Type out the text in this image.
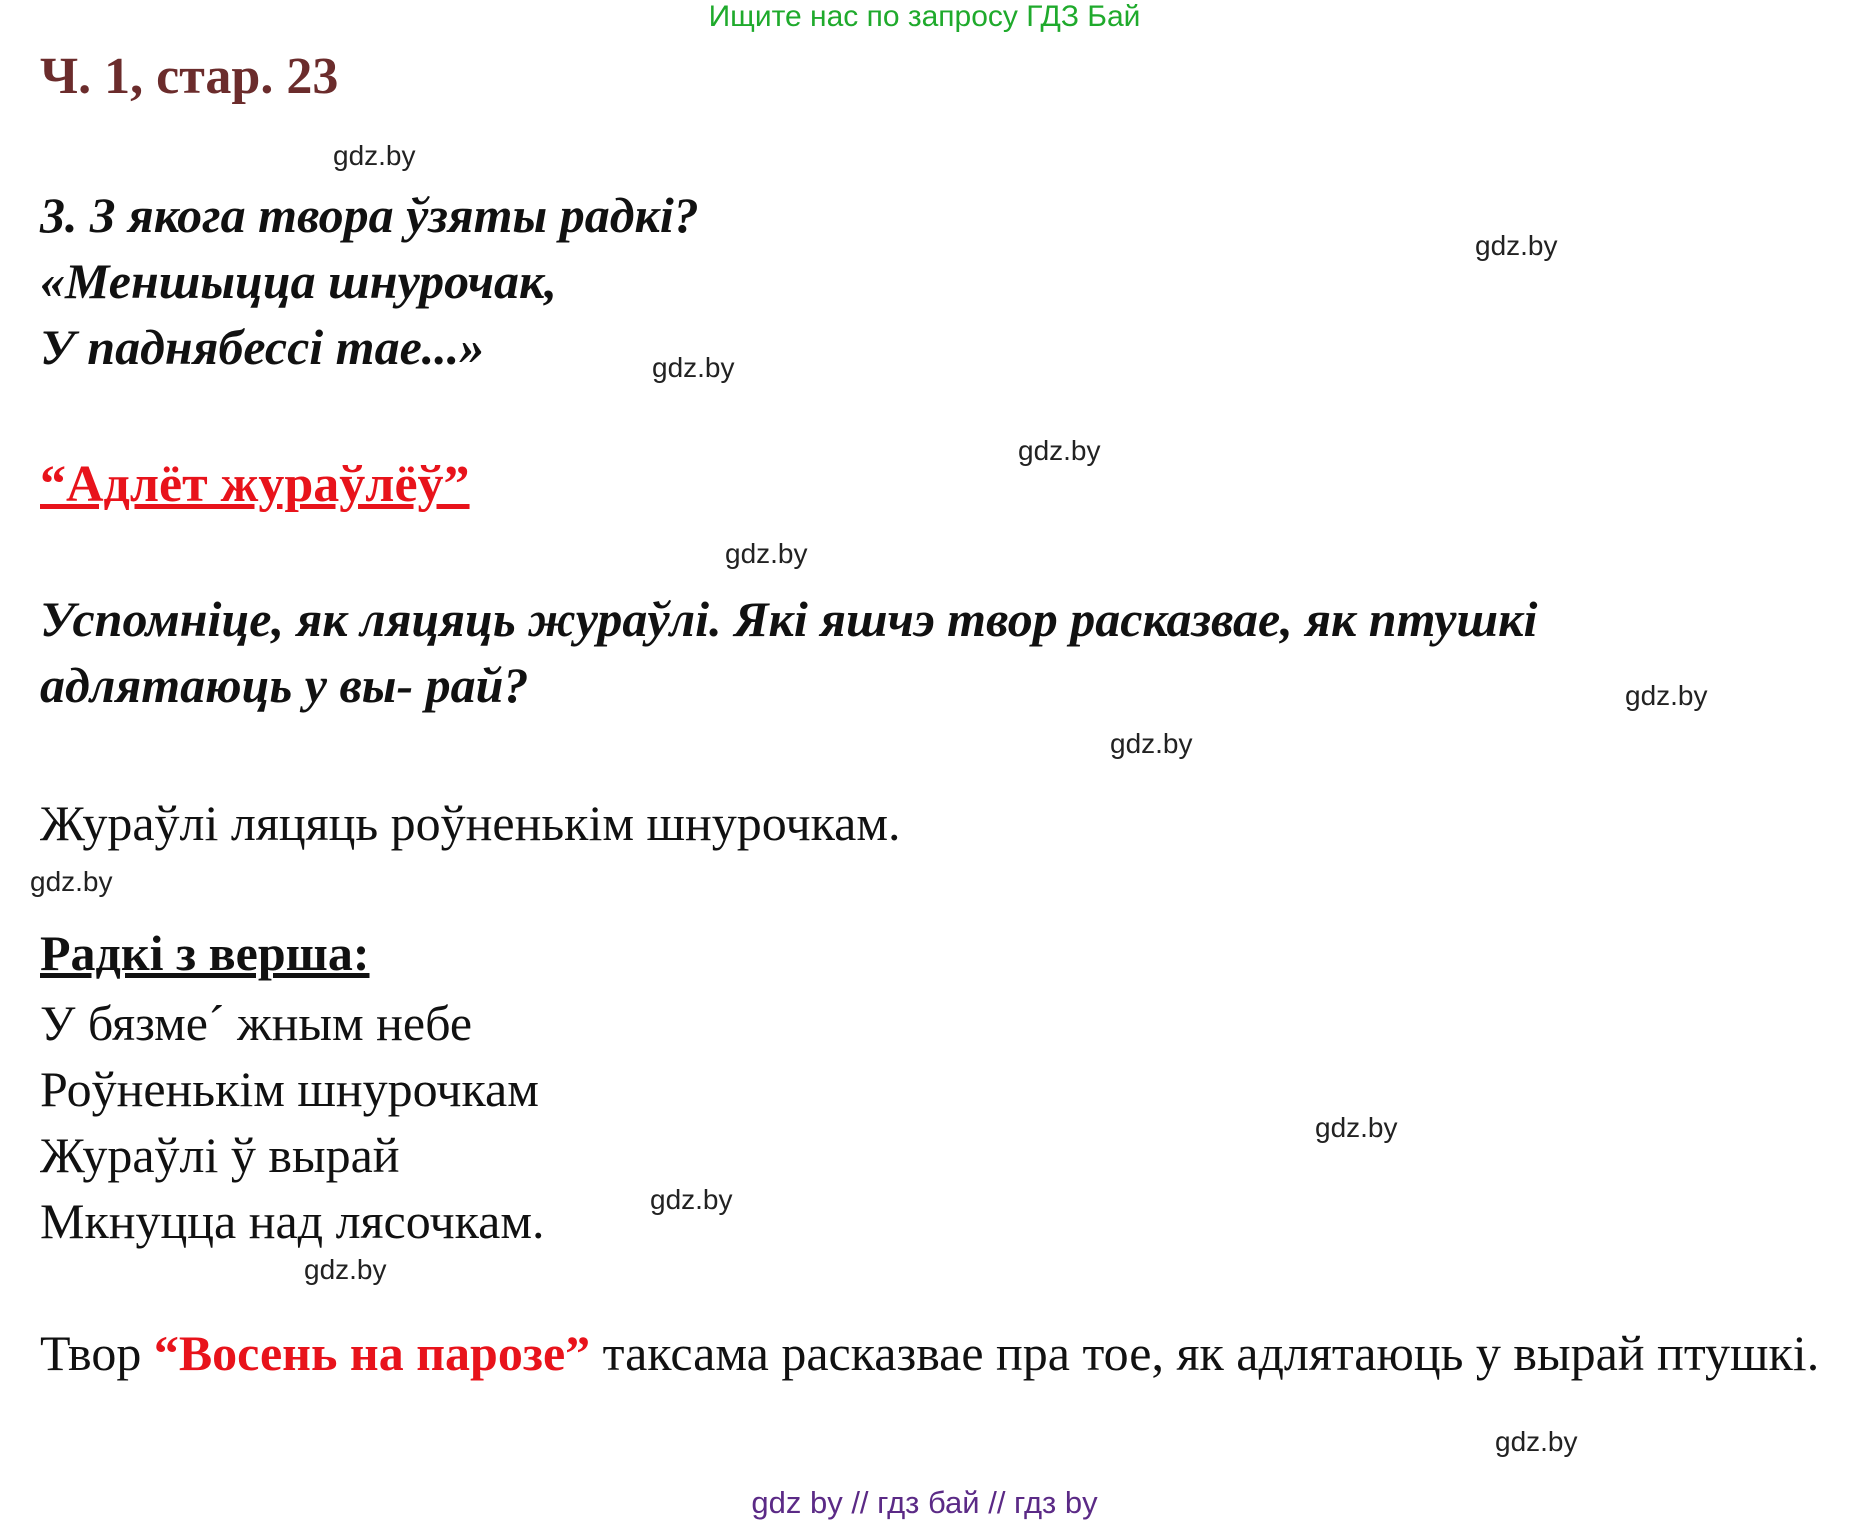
Ищите нас по запросу ГДЗ Бай
Ч. 1, стар. 23
3. З якога твора ўзяты радкі?
«Меншыцца шнурочак,
У паднябессі тае...»
“Адлёт жураўлёў”
Успомніце, як ляцяць жураўлі. Які яшчэ твор расказвае, як птушкі
адлятаюць у вы- рай?
Жураўлі ляцяць роўненькім шнурочкам.
Радкі з верша:
У бязме´ жным небе
Роўненькім шнурочкам
Жураўлі ў вырай
Мкнуцца над лясочкам.
Твор “Восень на парозе” таксама расказвае пра тое, як адлятаюць у вырай птушкі.
gdz.by
gdz.by
gdz.by
gdz.by
gdz.by
gdz.by
gdz.by
gdz.by
gdz.by
gdz.by
gdz.by
gdz.by
gdz by // гдз бай // гдз by
